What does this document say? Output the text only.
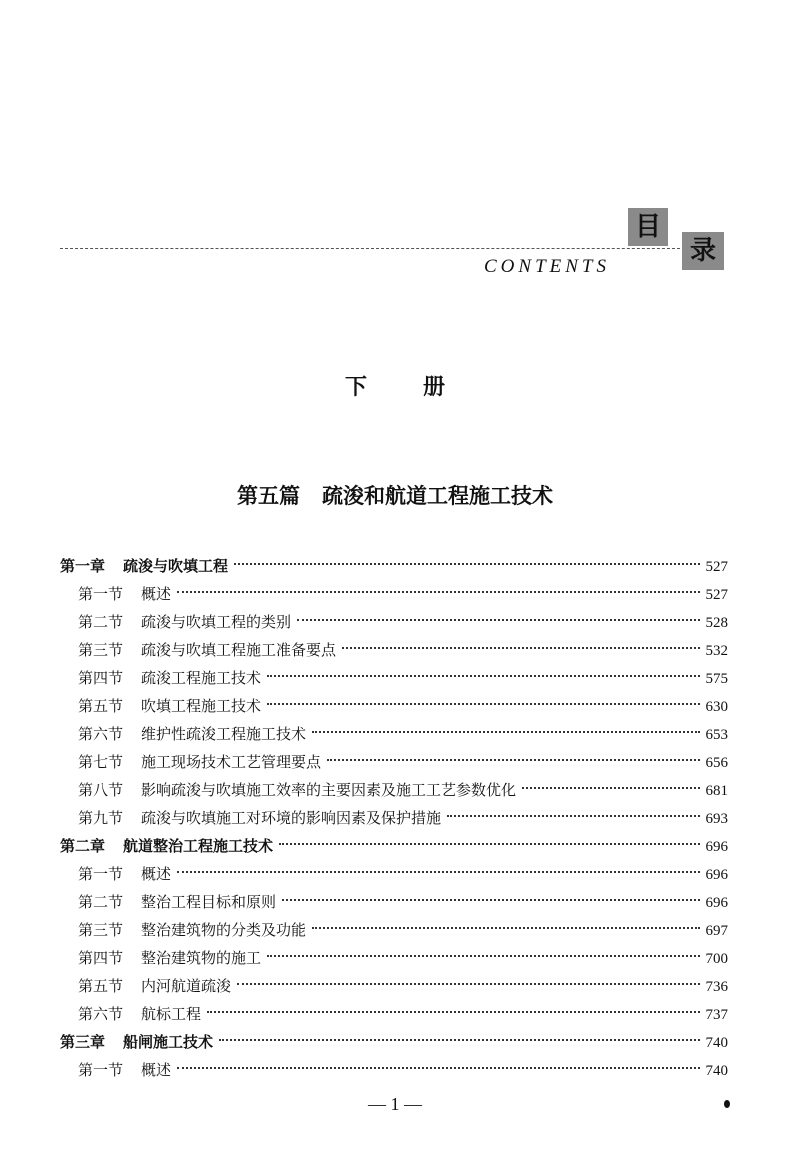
目
录
CONTENTS
下	册
第五篇 疏浚和航道工程施工技术
第一章 疏浚与吹填工程	527
第一节 概述	527
第二节 疏浚与吹填工程的类别	528
第三节 疏浚与吹填工程施工准备要点	532
第四节 疏浚工程施工技术	575
第五节 吹填工程施工技术	630
第六节 维护性疏浚工程施工技术	653
第七节 施工现场技术工艺管理要点	656
第八节 影响疏浚与吹填施工效率的主要因素及施工工艺参数优化	681
第九节 疏浚与吹填施工对环境的影响因素及保护措施	693
第二章 航道整治工程施工技术	696
第一节 概述	696
第二节 整治工程目标和原则	696
第三节 整治建筑物的分类及功能	697
第四节 整治建筑物的施工	700
第五节 内河航道疏浚	736
第六节 航标工程	737
第三章 船闸施工技术	740
第一节 概述	740
— 1 —
